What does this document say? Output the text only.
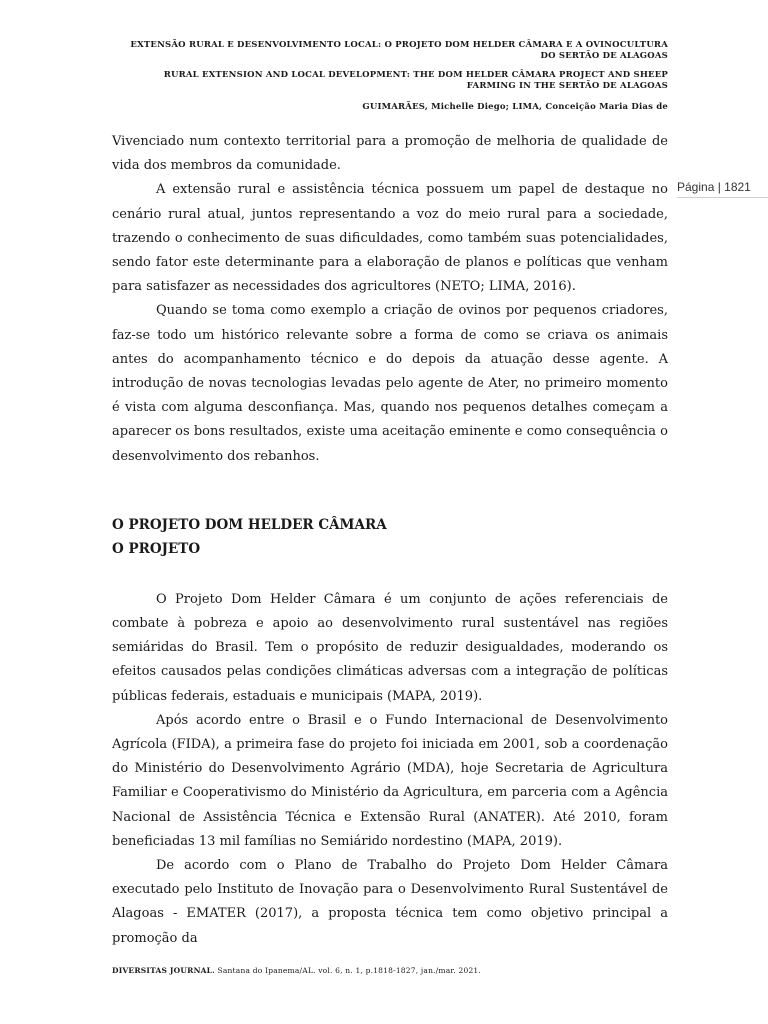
EXTENSÃO RURAL E DESENVOLVIMENTO LOCAL: O PROJETO DOM HELDER CÂMARA E A OVINOCULTURA
DO SERTÃO DE ALAGOAS
RURAL EXTENSION AND LOCAL DEVELOPMENT: THE DOM HELDER CÂMARA PROJECT AND SHEEP
FARMING IN THE SERTÃO DE ALAGOAS
GUIMARÃES, Michelle Diego; LIMA, Conceição Maria Dias de
Página | 1821

Vivenciado num contexto territorial para a promoção de melhoria de qualidade de vida dos membros da comunidade.

A extensão rural e assistência técnica possuem um papel de destaque no cenário rural atual, juntos representando a voz do meio rural para a sociedade, trazendo o conhecimento de suas dificuldades, como também suas potencialidades, sendo fator este determinante para a elaboração de planos e políticas que venham para satisfazer as necessidades dos agricultores (NETO; LIMA, 2016).

Quando se toma como exemplo a criação de ovinos por pequenos criadores, faz-se todo um histórico relevante sobre a forma de como se criava os animais antes do acompanhamento técnico e do depois da atuação desse agente. A introdução de novas tecnologias levadas pelo agente de Ater, no primeiro momento é vista com alguma desconfiança. Mas, quando nos pequenos detalhes começam a aparecer os bons resultados, existe uma aceitação eminente e como consequência o desenvolvimento dos rebanhos.

O PROJETO DOM HELDER CÂMARA

O PROJETO

O Projeto Dom Helder Câmara é um conjunto de ações referenciais de combate à pobreza e apoio ao desenvolvimento rural sustentável nas regiões semiáridas do Brasil. Tem o propósito de reduzir desigualdades, moderando os efeitos causados pelas condições climáticas adversas com a integração de políticas públicas federais, estaduais e municipais (MAPA, 2019).

Após acordo entre o Brasil e o Fundo Internacional de Desenvolvimento Agrícola (FIDA), a primeira fase do projeto foi iniciada em 2001, sob a coordenação do Ministério do Desenvolvimento Agrário (MDA), hoje Secretaria de Agricultura Familiar e Cooperativismo do Ministério da Agricultura, em parceria com a Agência Nacional de Assistência Técnica e Extensão Rural (ANATER). Até 2010, foram beneficiadas 13 mil famílias no Semiárido nordestino (MAPA, 2019).

De acordo com o Plano de Trabalho do Projeto Dom Helder Câmara executado pelo Instituto de Inovação para o Desenvolvimento Rural Sustentável de Alagoas - EMATER (2017), a proposta técnica tem como objetivo principal a promoção da

DIVERSITAS JOURNAL. Santana do Ipanema/AL. vol. 6, n. 1, p.1818-1827, jan./mar. 2021.
